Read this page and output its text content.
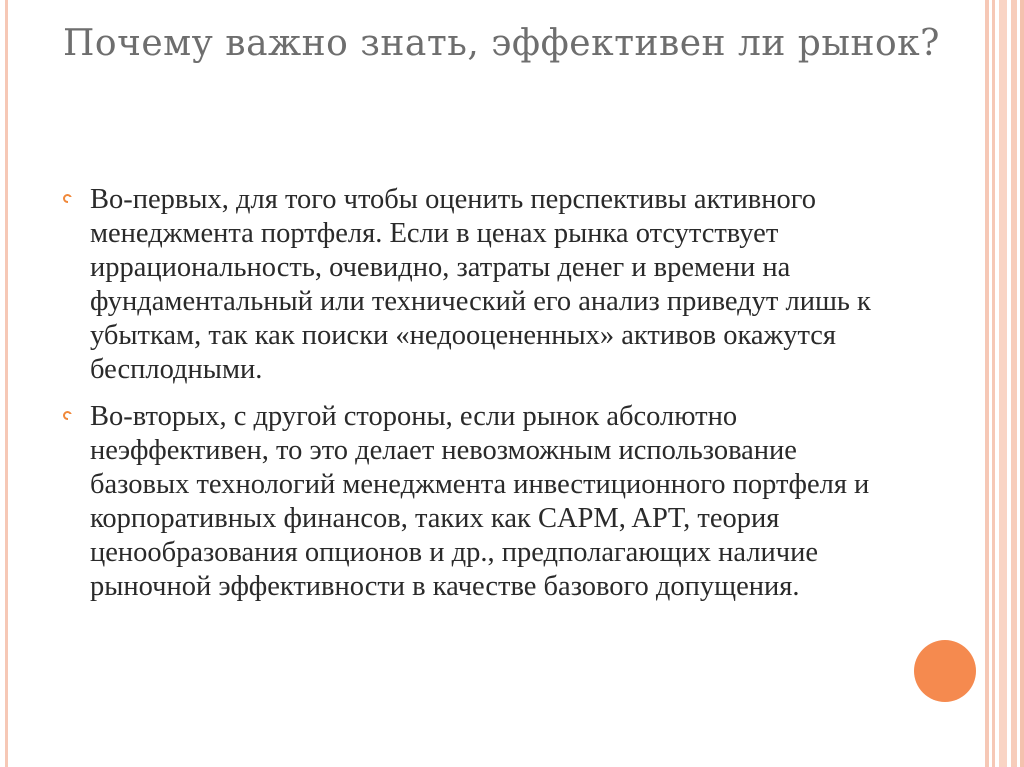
Почему важно знать, эффективен ли рынок?

Во-первых, для того чтобы оценить перспективы активного менеджмента портфеля. Если в ценах рынка отсутствует иррациональность, очевидно, затраты денег и времени на фундаментальный или технический его анализ приведут лишь к убыткам, так как поиски «недооцененных» активов окажутся бесплодными.

Во-вторых, с другой стороны, если рынок абсолютно неэффективен, то это делает невозможным использование базовых технологий менеджмента инвестиционного портфеля и корпоративных финансов, таких как CAPM, APT, теория ценообразования опционов и др., предполагающих наличие рыночной эффективности в качестве базового допущения.
